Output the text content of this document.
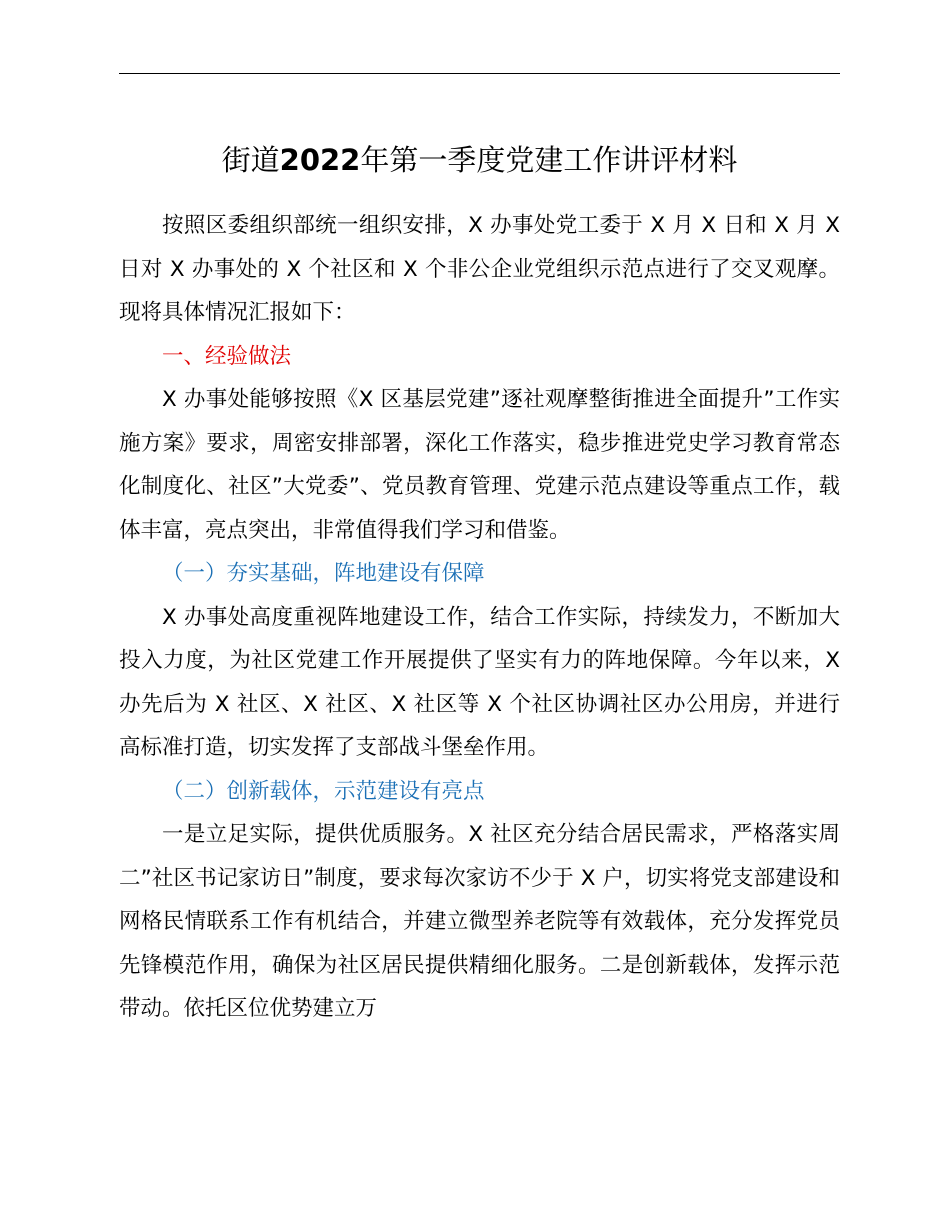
街道2022年第一季度党建工作讲评材料

按照区委组织部统一组织安排，X 办事处党工委于 X 月 X 日和 X 月 X 日对 X 办事处的 X 个社区和 X 个非公企业党组织示范点进行了交叉观摩。现将具体情况汇报如下：

一、经验做法

X 办事处能够按照《X 区基层党建”逐社观摩整街推进全面提升”工作实施方案》要求，周密安排部署，深化工作落实，稳步推进党史学习教育常态化制度化、社区”大党委”、党员教育管理、党建示范点建设等重点工作，载体丰富，亮点突出，非常值得我们学习和借鉴。

（一）夯实基础，阵地建设有保障

X 办事处高度重视阵地建设工作，结合工作实际，持续发力，不断加大投入力度，为社区党建工作开展提供了坚实有力的阵地保障。今年以来，X 办先后为 X 社区、X 社区、X 社区等 X 个社区协调社区办公用房，并进行高标准打造，切实发挥了支部战斗堡垒作用。

（二）创新载体，示范建设有亮点

一是立足实际，提供优质服务。X 社区充分结合居民需求，严格落实周二”社区书记家访日”制度，要求每次家访不少于 X 户，切实将党支部建设和网格民情联系工作有机结合，并建立微型养老院等有效载体，充分发挥党员先锋模范作用，确保为社区居民提供精细化服务。二是创新载体，发挥示范带动。依托区位优势建立万
